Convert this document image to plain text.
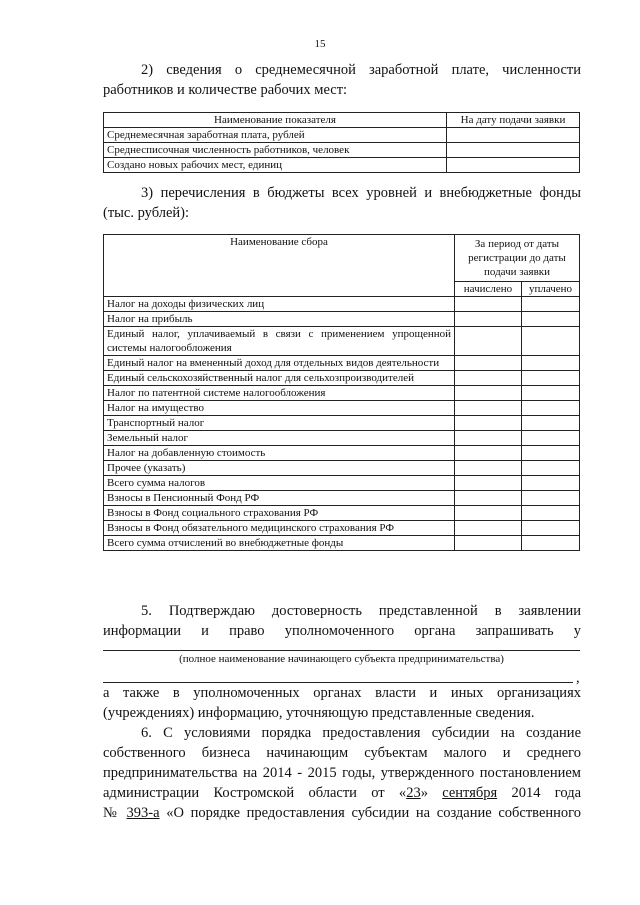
15
2) сведения о среднемесячной заработной плате, численности
работников и количестве рабочих мест:
Наименование показателя	На дату подачи заявки
Среднемесячная заработная плата, рублей	
Среднесписочная численность работников, человек	
Создано новых рабочих мест, единиц	
3) перечисления в бюджеты всех уровней и внебюджетные фонды
(тыс. рублей):
Наименование сбора	За период от даты регистрации до даты подачи заявки	
	начислено	уплачено
Налог на доходы физических лиц		
Налог на прибыль		
Единый налог, уплачиваемый в связи с применением упрощенной системы налогообложения		
Единый налог на вмененный доход для отдельных видов деятельности		
Единый сельскохозяйственный налог для сельхозпроизводителей		
Налог по патентной системе налогообложения		
Налог на имущество		
Транспортный налог		
Земельный налог		
Налог на добавленную стоимость		
Прочее (указать)		
Всего сумма налогов		
Взносы в Пенсионный Фонд РФ		
Взносы в Фонд социального страхования РФ		
Взносы в Фонд обязательного медицинского страхования РФ		
Всего сумма отчислений во внебюджетные фонды		
5. Подтверждаю достоверность представленной в заявлении
информации и право уполномоченного органа запрашивать у
(полное наименование начинающего субъекта предпринимательства)
,
а также в уполномоченных органах власти и иных организациях
(учреждениях) информацию, уточняющую представленные сведения.
6. С условиями порядка предоставления субсидии на создание
собственного бизнеса начинающим субъектам малого и среднего
предпринимательства на 2014 - 2015 годы, утвержденного постановлением
администрации Костромской области от «23» сентября 2014 года
№ 393-а «О порядке предоставления субсидии на создание собственного
